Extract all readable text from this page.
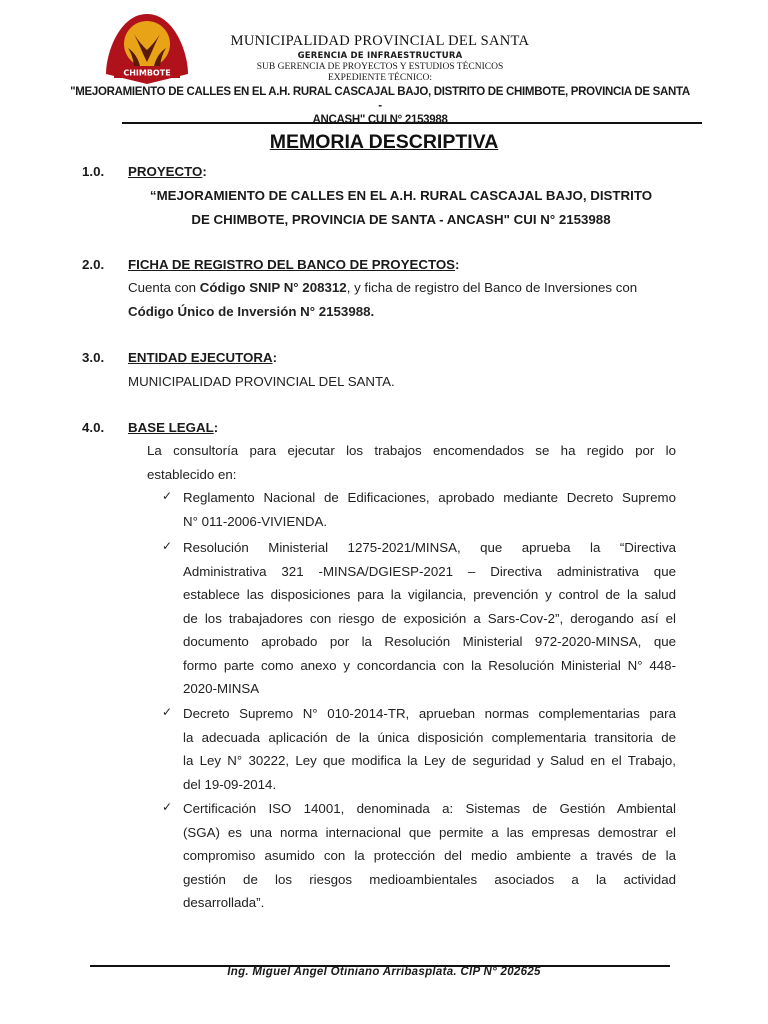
CHIMBOTE
MUNICIPALIDAD PROVINCIAL DEL SANTA
GERENCIA DE INFRAESTRUCTURA
SUB GERENCIA DE PROYECTOS Y ESTUDIOS TÉCNICOS
EXPEDIENTE TÉCNICO:
"MEJORAMIENTO DE CALLES EN EL A.H. RURAL CASCAJAL BAJO, DISTRITO DE CHIMBOTE, PROVINCIA DE SANTA -
ANCASH" CUI N° 2153988
MEMORIA DESCRIPTIVA
1.0. PROYECTO:
“MEJORAMIENTO DE CALLES EN EL A.H. RURAL CASCAJAL BAJO, DISTRITO
DE CHIMBOTE, PROVINCIA DE SANTA - ANCASH" CUI N° 2153988
2.0. FICHA DE REGISTRO DEL BANCO DE PROYECTOS:
Cuenta con Código SNIP N° 208312, y ficha de registro del Banco de Inversiones con
Código Único de Inversión N° 2153988.
3.0. ENTIDAD EJECUTORA:
MUNICIPALIDAD PROVINCIAL DEL SANTA.
4.0. BASE LEGAL:
La consultoría para ejecutar los trabajos encomendados se ha regido por lo
establecido en:
✓ Reglamento Nacional de Edificaciones, aprobado mediante Decreto Supremo
N° 011-2006-VIVIENDA.
✓ Resolución Ministerial 1275-2021/MINSA, que aprueba la “Directiva
Administrativa 321 -MINSA/DGIESP-2021 – Directiva administrativa que
establece las disposiciones para la vigilancia, prevención y control de la salud
de los trabajadores con riesgo de exposición a Sars-Cov-2”, derogando así el
documento aprobado por la Resolución Ministerial 972-2020-MINSA, que
formo parte como anexo y concordancia con la Resolución Ministerial N° 448-
2020-MINSA
✓ Decreto Supremo N° 010-2014-TR, aprueban normas complementarias para
la adecuada aplicación de la única disposición complementaria transitoria de
la Ley N° 30222, Ley que modifica la Ley de seguridad y Salud en el Trabajo,
del 19-09-2014.
✓ Certificación ISO 14001, denominada a: Sistemas de Gestión Ambiental
(SGA) es una norma internacional que permite a las empresas demostrar el
compromiso asumido con la protección del medio ambiente a través de la
gestión de los riesgos medioambientales asociados a la actividad
desarrollada”.
Ing. Miguel Angel Otiniano Arribasplata. CIP N° 202625
